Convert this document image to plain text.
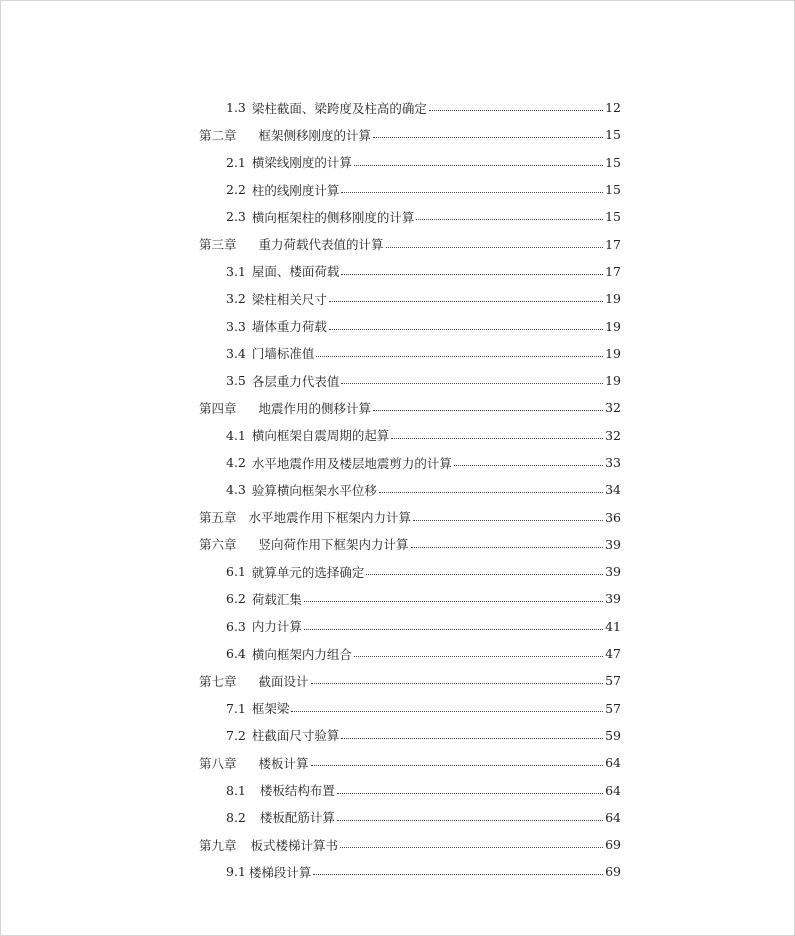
1.3 梁柱截面、梁跨度及柱高的确定	12
第二章 框架侧移刚度的计算	15
2.1 横梁线刚度的计算	15
2.2 柱的线刚度计算	15
2.3 横向框架柱的侧移刚度的计算	15
第三章 重力荷载代表值的计算	17
3.1 屋面、楼面荷载	17
3.2 梁柱相关尺寸	19
3.3 墙体重力荷载	19
3.4 门墙标准值	19
3.5 各层重力代表值	19
第四章 地震作用的侧移计算	32
4.1 横向框架自震周期的起算	32
4.2 水平地震作用及楼层地震剪力的计算	33
4.3 验算横向框架水平位移	34
第五章 水平地震作用下框架内力计算	36
第六章 竖向荷作用下框架内力计算	39
6.1 就算单元的选择确定	39
6.2 荷载汇集	39
6.3 内力计算	41
6.4 横向框架内力组合	47
第七章 截面设计	57
7.1 框架梁	57
7.2 柱截面尺寸验算	59
第八章 楼板计算	64
8.1 楼板结构布置	64
8.2 楼板配筋计算	64
第九章 板式楼梯计算书	69
9.1 楼梯段计算	69
